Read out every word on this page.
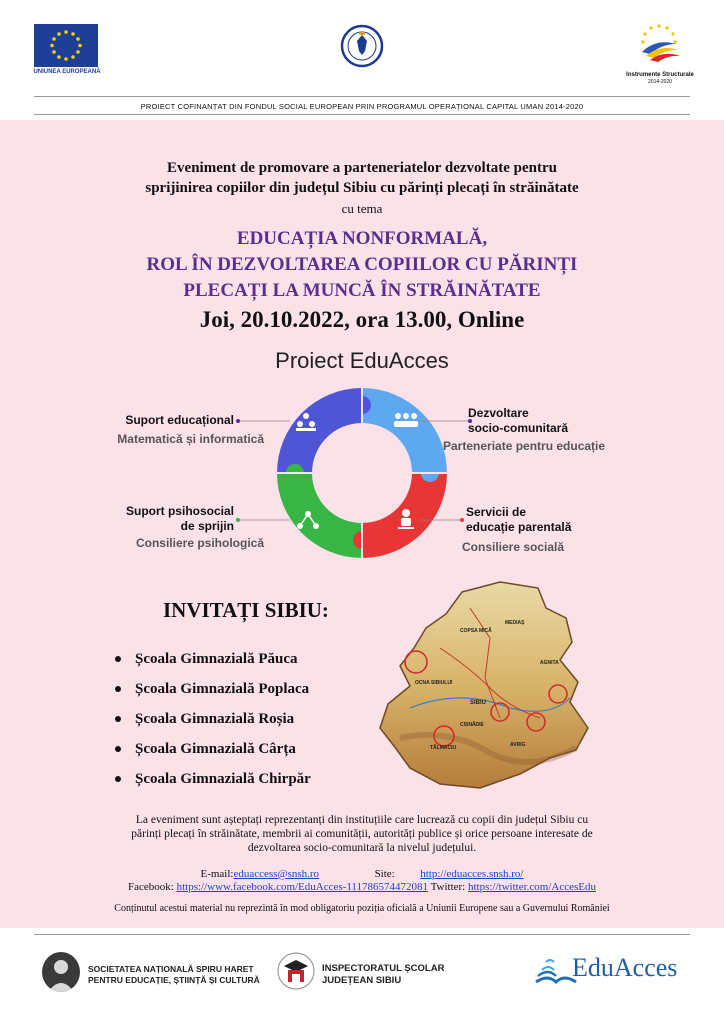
UNIUNEA EUROPEANĂ	Instrumente Structurale
2014-2020
PROIECT COFINANȚAT DIN FONDUL SOCIAL EUROPEAN PRIN PROGRAMUL OPERAȚIONAL CAPITAL UMAN 2014-2020
Eveniment de promovare a parteneriatelor dezvoltate pentru
sprijinirea copiilor din județul Sibiu cu părinți plecați în străinătate
cu tema
EDUCAȚIA NONFORMALĂ,
ROL ÎN DEZVOLTAREA COPIILOR CU PĂRINȚI
PLECAȚI LA MUNCĂ ÎN STRĂINĂTATE
Joi, 20.10.2022, ora 13.00, Online
Proiect EduAcces
Suport educațional
Matematică și informatică
Dezvoltare
socio-comunitară
Parteneriate pentru educație
Suport psihosocial
de sprijin
Consiliere psihologică
Servicii de
educație parentală
Consiliere socială
INVITAȚI SIBIU:
Școala Gimnazială Păuca
Școala Gimnazială Poplaca
Școala Gimnazială Roșia
Școala Gimnazială Cârța
Școala Gimnazială Chirpăr
MEDIAȘ
COPSA MICĂ
AGNITA
SIBIU
OCNA SIBIULUI
CISNĂDIE
TĂLMACIU	AVRIG
La eveniment sunt așteptați reprezentanți din instituțiile care lucrează cu copii din județul Sibiu cu
părinți plecați în străinătate, membrii ai comunității, autorități publice și orice persoane interesate de
dezvoltarea socio-comunitară la nivelul județului.
E-mail:eduaccess@snsh.ro	Site: http://eduacces.snsh.ro/
Facebook: https://www.facebook.com/EduAcces-111786574472081 Twitter: https://twitter.com/AccesEdu
Conținutul acestui material nu reprezintă în mod obligatoriu poziția oficială a Uniunii Europene sau a Guvernului României
SOCIETATEA NAȚIONALĂ SPIRU HARET
PENTRU EDUCAȚIE, ȘTIINȚĂ ȘI CULTURĂ
INSPECTORATUL ȘCOLAR
JUDEȚEAN SIBIU	EduAcces
